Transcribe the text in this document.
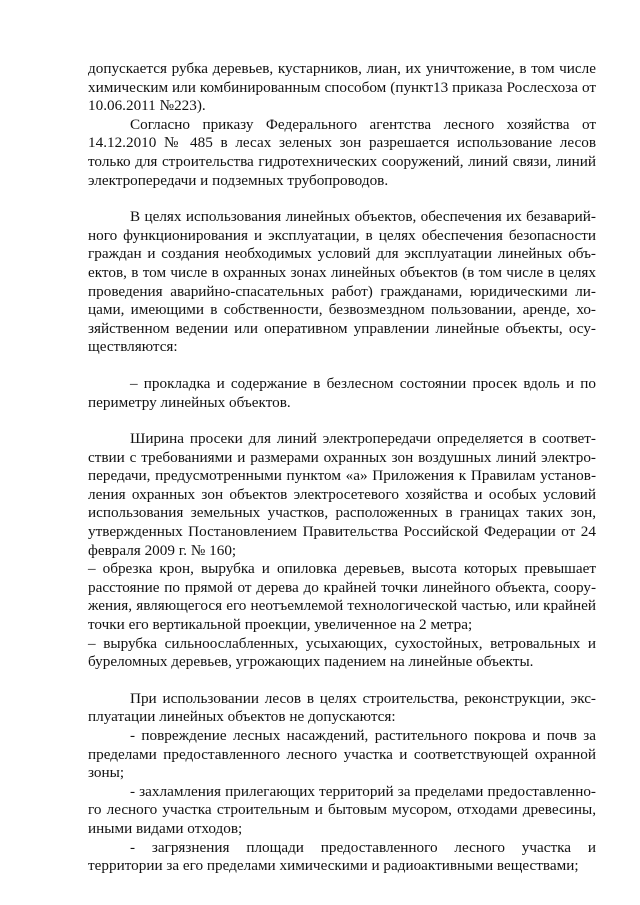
допускается рубка деревьев, кустарников, лиан, их уничтожение, в том числе химическим или комбинированным способом (пункт13 приказа Рослесхоза от 10.06.2011 №223).

Согласно приказу Федерального агентства лесного хозяйства от 14.12.2010 № 485 в лесах зеленых зон разрешается использование лесов только для строительства гидротехнических сооружений, линий связи, линий электропередачи и подземных трубопроводов.

В целях использования линейных объектов, обеспечения их безаварий-ного функционирования и эксплуатации, в целях обеспечения безопасности граждан и создания необходимых условий для эксплуатации линейных объ-ектов, в том числе в охранных зонах линейных объектов (в том числе в целях проведения аварийно-спасательных работ) гражданами, юридическими ли-цами, имеющими в собственности, безвозмездном пользовании, аренде, хо-зяйственном ведении или оперативном управлении линейные объекты, осу-ществляются:

– прокладка и содержание в безлесном состоянии просек вдоль и по периметру линейных объектов.

Ширина просеки для линий электропередачи определяется в соответ-ствии с требованиями и размерами охранных зон воздушных линий электро-передачи, предусмотренными пунктом «а» Приложения к Правилам установ-ления охранных зон объектов электросетевого хозяйства и особых условий использования земельных участков, расположенных в границах таких зон, утвержденных Постановлением Правительства Российской Федерации от 24 февраля 2009 г. № 160;

– обрезка крон, вырубка и опиловка деревьев, высота которых превышает расстояние по прямой от дерева до крайней точки линейного объекта, соору-жения, являющегося его неотъемлемой технологической частью, или крайней точки его вертикальной проекции, увеличенное на 2 метра;

– вырубка сильноослабленных, усыхающих, сухостойных, ветровальных и буреломных деревьев, угрожающих падением на линейные объекты.

При использовании лесов в целях строительства, реконструкции, экс-плуатации линейных объектов не допускаются:

- повреждение лесных насаждений, растительного покрова и почв за пределами предоставленного лесного участка и соответствующей охранной зоны;

- захламления прилегающих территорий за пределами предоставленно-го лесного участка строительным и бытовым мусором, отходами древесины, иными видами отходов;

- загрязнения площади предоставленного лесного участка и территории за его пределами химическими и радиоактивными веществами;
